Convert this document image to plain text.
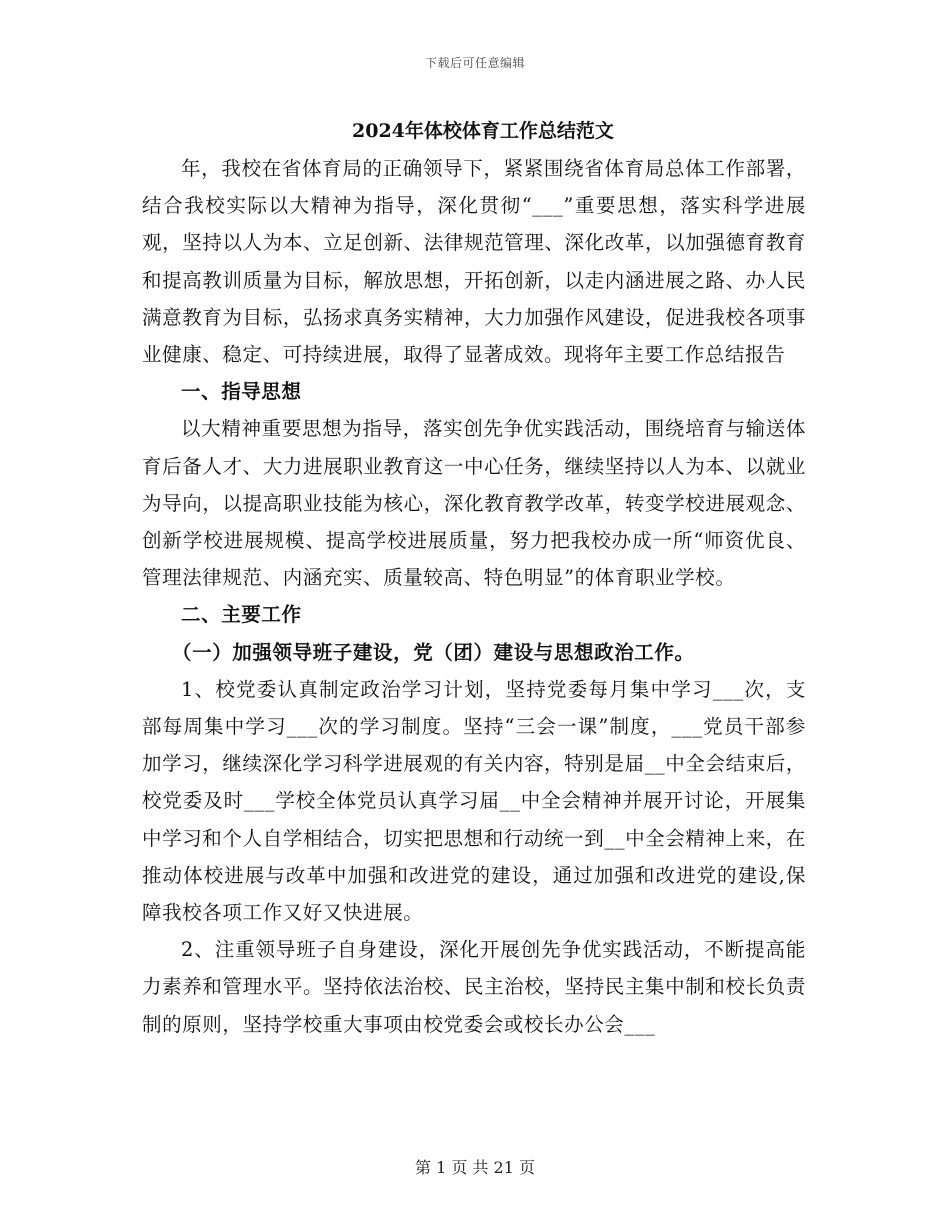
下载后可任意编辑
2024年体校体育工作总结范文

年，我校在省体育局的正确领导下，紧紧围绕省体育局总体工作部署，结合我校实际以大精神为指导，深化贯彻“___”重要思想，落实科学进展观，坚持以人为本、立足创新、法律规范管理、深化改革，以加强德育教育和提高教训质量为目标，解放思想，开拓创新，以走内涵进展之路、办人民满意教育为目标，弘扬求真务实精神，大力加强作风建设，促进我校各项事业健康、稳定、可持续进展，取得了显著成效。现将年主要工作总结报告

一、指导思想

以大精神重要思想为指导，落实创先争优实践活动，围绕培育与输送体育后备人才、大力进展职业教育这一中心任务，继续坚持以人为本、以就业为导向，以提高职业技能为核心，深化教育教学改革，转变学校进展观念、创新学校进展规模、提高学校进展质量，努力把我校办成一所“师资优良、管理法律规范、内涵充实、质量较高、特色明显”的体育职业学校。

二、主要工作

（一）加强领导班子建设，党（团）建设与思想政治工作。

1、校党委认真制定政治学习计划，坚持党委每月集中学习___次，支部每周集中学习___次的学习制度。坚持“三会一课”制度，___党员干部参加学习，继续深化学习科学进展观的有关内容，特别是届__中全会结束后，校党委及时___学校全体党员认真学习届__中全会精神并展开讨论，开展集中学习和个人自学相结合，切实把思想和行动统一到__中全会精神上来，在推动体校进展与改革中加强和改进党的建设，通过加强和改进党的建设,保障我校各项工作又好又快进展。

2、注重领导班子自身建设，深化开展创先争优实践活动，不断提高能力素养和管理水平。坚持依法治校、民主治校，坚持民主集中制和校长负责制的原则，坚持学校重大事项由校党委会或校长办公会___

第 1 页 共 21 页
